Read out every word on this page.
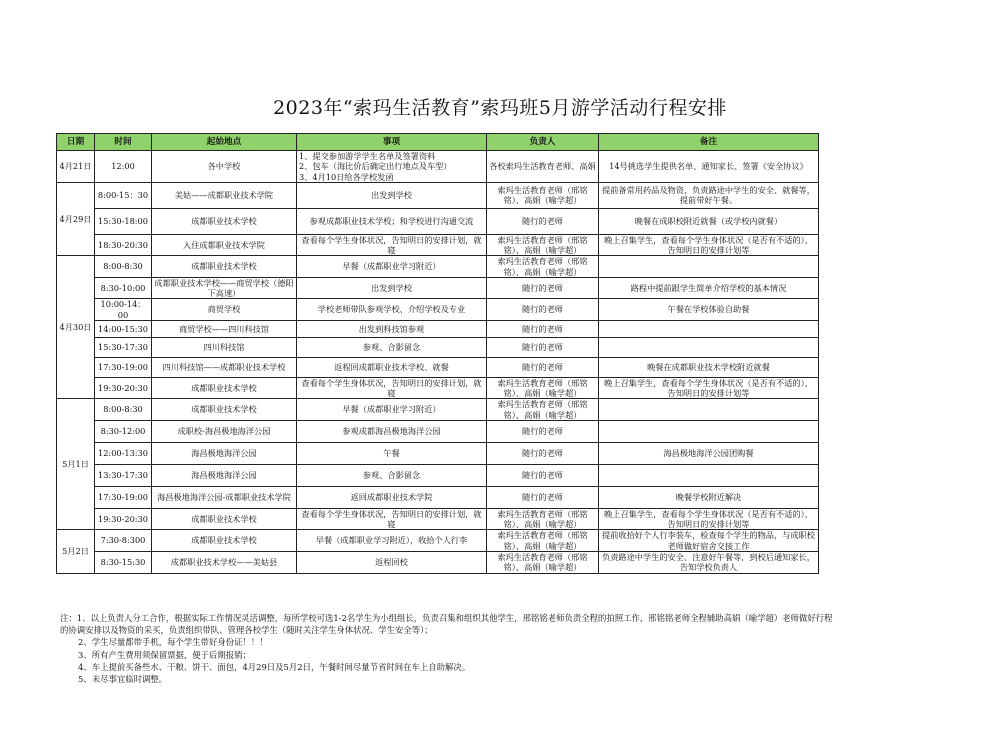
2023年“索玛生活教育”索玛班5月游学活动行程安排
日期	时间	起始地点	事项	负责人	备注
4月21日	12:00	各中学校	1、提交参加游学学生名单及签署资料
2、包车（海比价后确定出行地点及车型）
3、4月10日给各学校发函	各校索玛生活教育老师、高娟	14号挑选学生提供名单、通知家长、签署《安全协议》
4月29日	8:00-15：30	美姑——成都职业技术学院	出发到学校	索玛生活教育老师（邢铭铭）、高娟（喻学超）	提前备常用药品及物资，负责路途中学生的安全、就餐等，提前带好午餐。
	15:30-18:00	成都职业技术学校	参观成都职业技术学校；和学校进行沟通交流	随行的老师	晚餐在成职校附近就餐（或学校内就餐）
	18:30-20:30	入住成都职业技术学院	查看每个学生身体状况，告知明日的安排计划，就寝	索玛生活教育老师（邢铭铭）、高娟（喻学超）	晚上召集学生，查看每个学生身体状况（是否有不适的），告知明日的安排计划等
4月30日	8:00-8:30	成都职业技术学校	早餐（成都职业学习附近）	索玛生活教育老师（邢铭铭）、高娟（喻学超）	
	8:30-10:00	成都职业技术学校——商贸学校（德阳下高速）	出发到学校	随行的老师	路程中提前跟学生简单介绍学校的基本情况
	10:00-14：00	商贸学校	学校老师带队参观学校、介绍学校及专业	随行的老师	午餐在学校体验自助餐
	14:00-15:30	商贸学校——四川科技馆	出发到科技馆参观	随行的老师	
	15:30-17:30	四川科技馆	参观、合影留念	随行的老师	
	17:30-19:00	四川科技馆——成都职业技术学校	返程回成都职业技术学校、就餐	随行的老师	晚餐在成都职业技术学校附近就餐
	19:30-20:30	成都职业技术学校	查看每个学生身体状况，告知明日的安排计划，就寝	索玛生活教育老师（邢铭铭）、高娟（喻学超）	晚上召集学生，查看每个学生身体状况（是否有不适的），告知明日的安排计划等
5月1日	8:00-8:30	成都职业技术学校	早餐（成都职业学习附近）	索玛生活教育老师（邢铭铭）、高娟（喻学超）	
	8:30-12:00	成职校-海昌极地海洋公园	参观成都海昌极地海洋公园	随行的老师	
	12:00-13:30	海昌极地海洋公园	午餐	随行的老师	海昌极地海洋公园团购餐
	13:30-17:30	海昌极地海洋公园	参观、合影留念	随行的老师	
	17:30-19:00	海昌极地海洋公园-成都职业技术学院	返回成都职业技术学院	随行的老师	晚餐学校附近解决
	19:30-20:30	成都职业技术学校	查看每个学生身体状况，告知明日的安排计划，就寝	索玛生活教育老师（邢铭铭）、高娟（喻学超）	晚上召集学生，查看每个学生身体状况（是否有不适的），告知明日的安排计划等
5月2日	7:30-8:300	成都职业技术学校	早餐（成都职业学习附近），收拾个人行李	索玛生活教育老师（邢铭铭）、高娟（喻学超）	提前收拾好个人行李装车，检查每个学生的物品，与成职校老师做好宿舍交接工作
	8:30-15:30	成都职业技术学校——美姑县	返程回校	索玛生活教育老师（邢铭铭）、高娟（喻学超）	负责路途中学生的安全、注意好午餐等，到校后通知家长，告知学校负责人

注：1、以上负责人分工合作，根据实际工作情况灵活调整，每所学校可选1-2名学生为小组组长，负责召集和组织其他学生，邢铭铭老师负责全程的拍照工作，邢铭铭老师全程辅助高娟（喻学超）老师做好行程的协调安排以及物资的采买，负责组织带队、管理各校学生（随时关注学生身体状况、学生安全等）；

2、学生尽量都带手机，每个学生带好身份证！！！

3、所有产生费用须保留票据，便于后期报销；

4、车上提前买备些水、干粮、饼干、面包，4月29日及5月2日，午餐时间尽量节省时间在车上自助解决。

5、未尽事宜临时调整。
